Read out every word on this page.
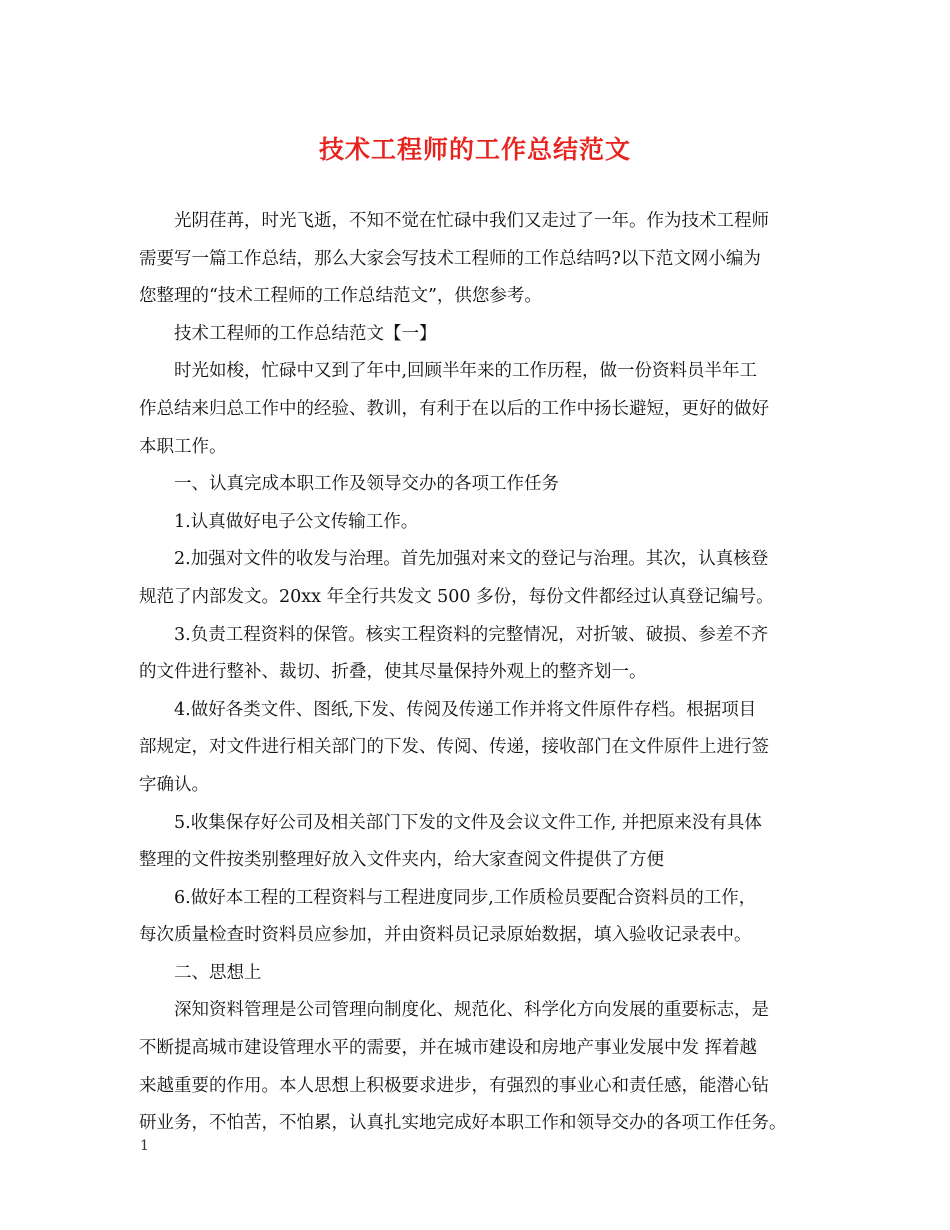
技术工程师的工作总结范文
光阴荏苒，时光飞逝，不知不觉在忙碌中我们又走过了一年。作为技术工程师
需要写一篇工作总结，那么大家会写技术工程师的工作总结吗?以下范文网小编为
您整理的“技术工程师的工作总结范文”，供您参考。
技术工程师的工作总结范文【一】
时光如梭，忙碌中又到了年中,回顾半年来的工作历程，做一份资料员半年工
作总结来归总工作中的经验、教训，有利于在以后的工作中扬长避短，更好的做好
本职工作。
一、认真完成本职工作及领导交办的各项工作任务
1.认真做好电子公文传输工作。
2.加强对文件的收发与治理。首先加强对来文的登记与治理。其次，认真核登
规范了内部发文。20xx 年全行共发文 500 多份，每份文件都经过认真登记编号。
3.负责工程资料的保管。核实工程资料的完整情况，对折皱、破损、参差不齐
的文件进行整补、裁切、折叠，使其尽量保持外观上的整齐划一。
4.做好各类文件、图纸,下发、传阅及传递工作并将文件原件存档。根据项目
部规定，对文件进行相关部门的下发、传阅、传递，接收部门在文件原件上进行签
字确认。
5.收集保存好公司及相关部门下发的文件及会议文件工作, 并把原来没有具体
整理的文件按类别整理好放入文件夹内，给大家查阅文件提供了方便
6.做好本工程的工程资料与工程进度同步,工作质检员要配合资料员的工作，
每次质量检查时资料员应参加，并由资料员记录原始数据，填入验收记录表中。
二、思想上
深知资料管理是公司管理向制度化、规范化、科学化方向发展的重要标志，是
不断提高城市建设管理水平的需要，并在城市建设和房地产事业发展中发 挥着越
来越重要的作用。本人思想上积极要求进步，有强烈的事业心和责任感，能潜心钻
研业务，不怕苦，不怕累，认真扎实地完成好本职工作和领导交办的各项工作任务。
1
